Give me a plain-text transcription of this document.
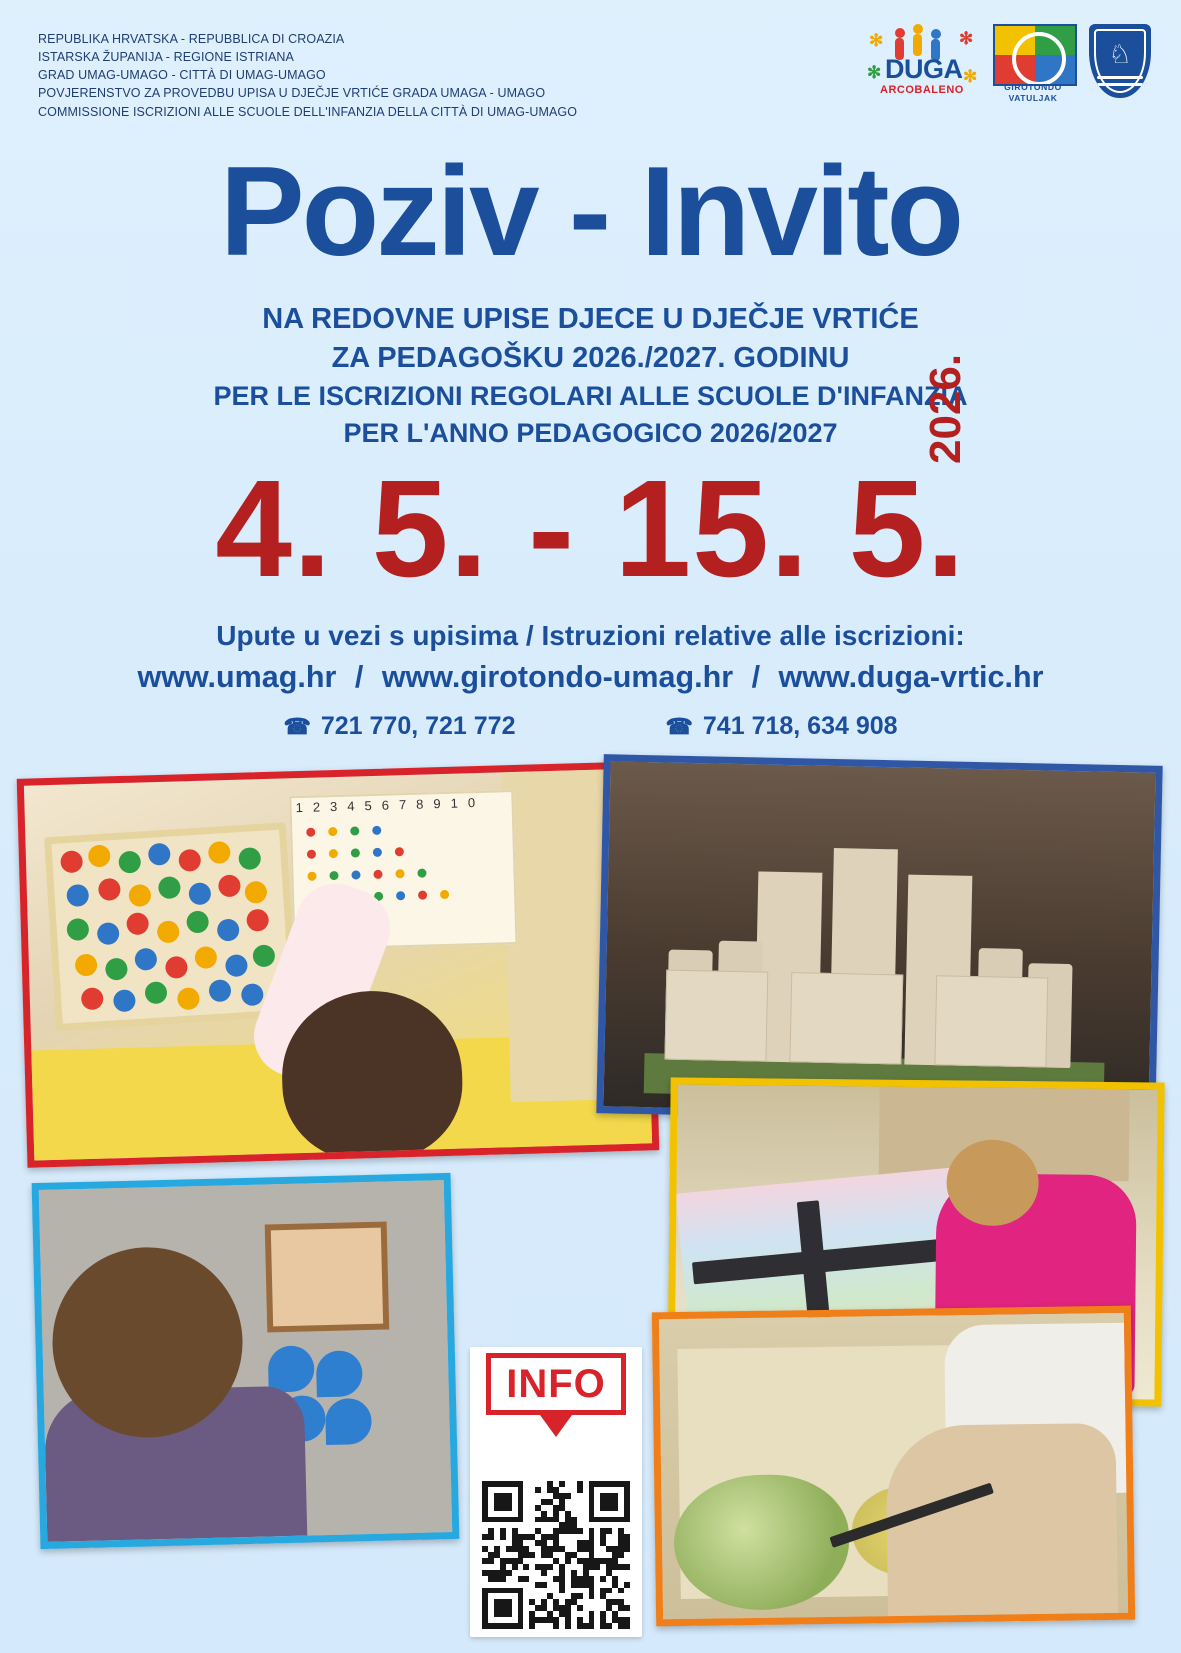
REPUBLIKA HRVATSKA - REPUBBLICA DI CROAZIA
ISTARSKA ŽUPANIJA - REGIONE ISTRIANA
GRAD UMAG-UMAGO - CITTÀ DI UMAG-UMAGO
POVJERENSTVO ZA PROVEDBU UPISA U DJEČJE VRTIĆE GRADA UMAGA - UMAGO
COMMISSIONE ISCRIZIONI ALLE SCUOLE DELL'INFANZIA DELLA CITTÀ DI UMAG-UMAGO
✻	✻
✻	✻
DUGA
ARCOBALENO	GIROTONDO
VATULJAK
♘
Poziv - Invito
NA REDOVNE UPISE DJECE U DJEČJE VRTIĆE
ZA PEDAGOŠKU 2026./2027. GODINU
PER LE ISCRIZIONI REGOLARI ALLE SCUOLE D'INFANZIA
PER L'ANNO PEDAGOGICO 2026/2027
4. 5. - 15. 5.
2026.
Upute u vezi s upisima / Istruzioni relative alle iscrizioni:
www.umag.hr / www.girotondo-umag.hr / www.duga-vrtic.hr
☎ 721 770, 721 772	☎ 741 718, 634 908
12345678910
INFO
